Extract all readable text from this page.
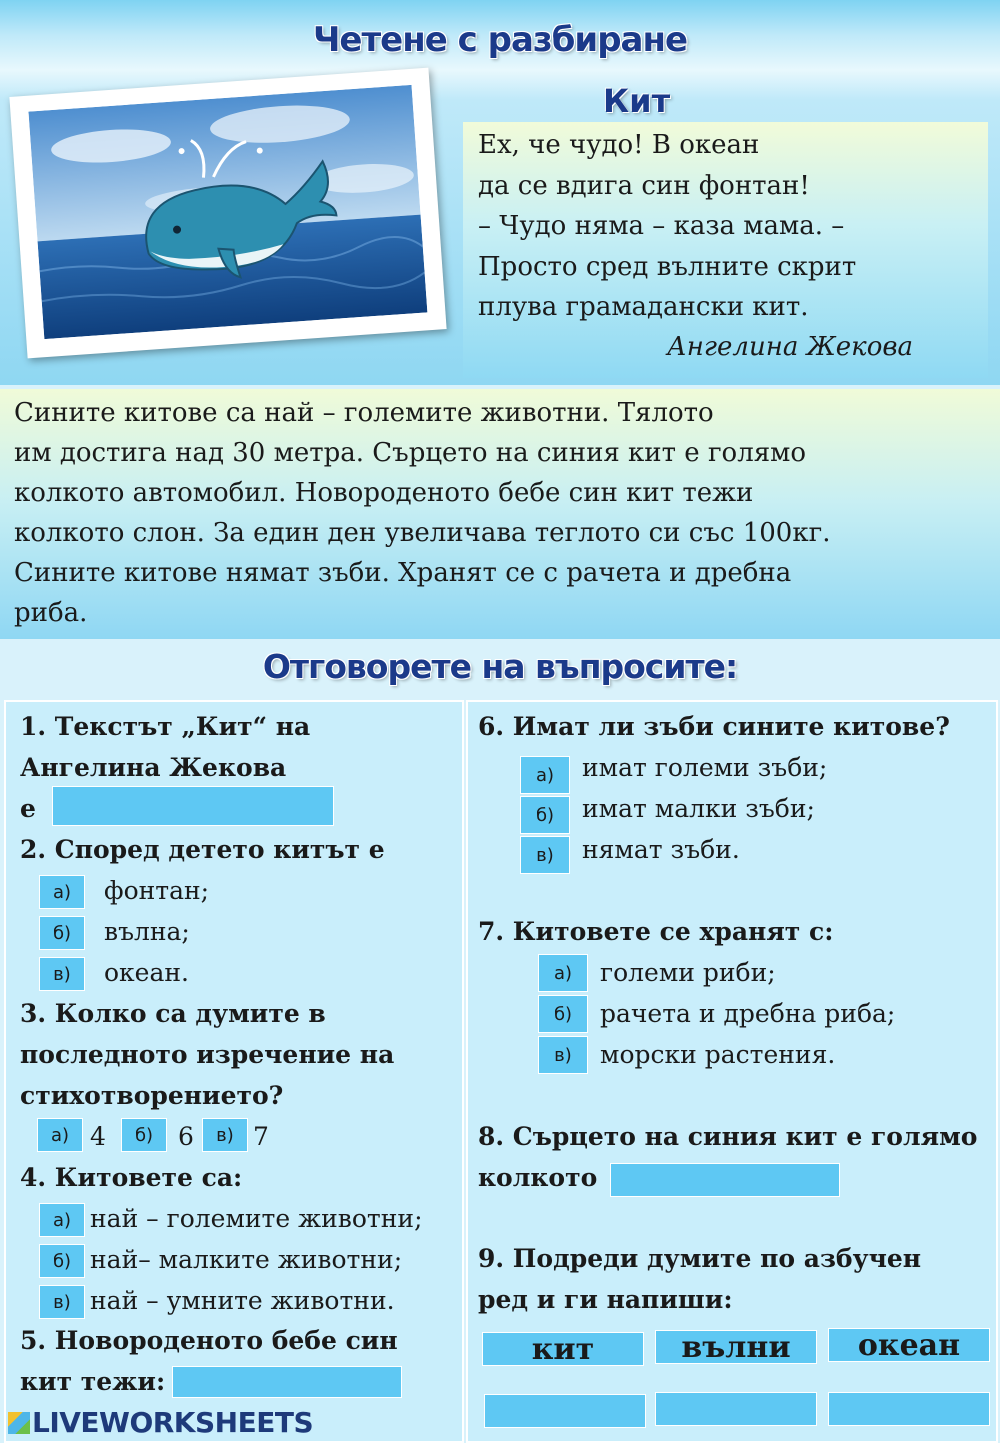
Четене с разбиране
Кит
Ех, че чудо! В океан
да се вдига син фонтан!
– Чудо няма – каза мама. –
Просто сред вълните скрит
плува грамадански кит.
Ангелина Жекова
Сините китове са най – големите животни. Тялото
им достига над 30 метра. Сърцето на синия кит е голямо
колкото автомобил. Новороденото бебе син кит тежи
колкото слон. За един ден увеличава теглото си със 100кг.
Сините китове нямат зъби. Хранят се с рачета и дребна
риба.
Отговорете на въпросите:
1. Текстът „Кит“ на
Ангелина Жекова
е
2. Според детето китът е
а)	фонтан;
б)	вълна;
в)	океан.
3. Колко са думите в
последното изречение на
стихотворението?
а) 4	б) 6	в) 7
4. Китовете са:
а) най – големите животни;
б) най– малките животни;
в) най – умните животни.
5. Новороденото бебе син
кит тежи:
6. Имат ли зъби сините китове?
а)	имат големи зъби;
б)	имат малки зъби;
в)	нямат зъби.
7. Китовете се хранят с:
а)	големи риби;
б)	рачета и дребна риба;
в)	морски растения.
8. Сърцето на синия кит е голямо
колкото
9. Подреди думите по азбучен
ред и ги напиши:
кит	вълни	океан
LIVEWORKSHEETS
